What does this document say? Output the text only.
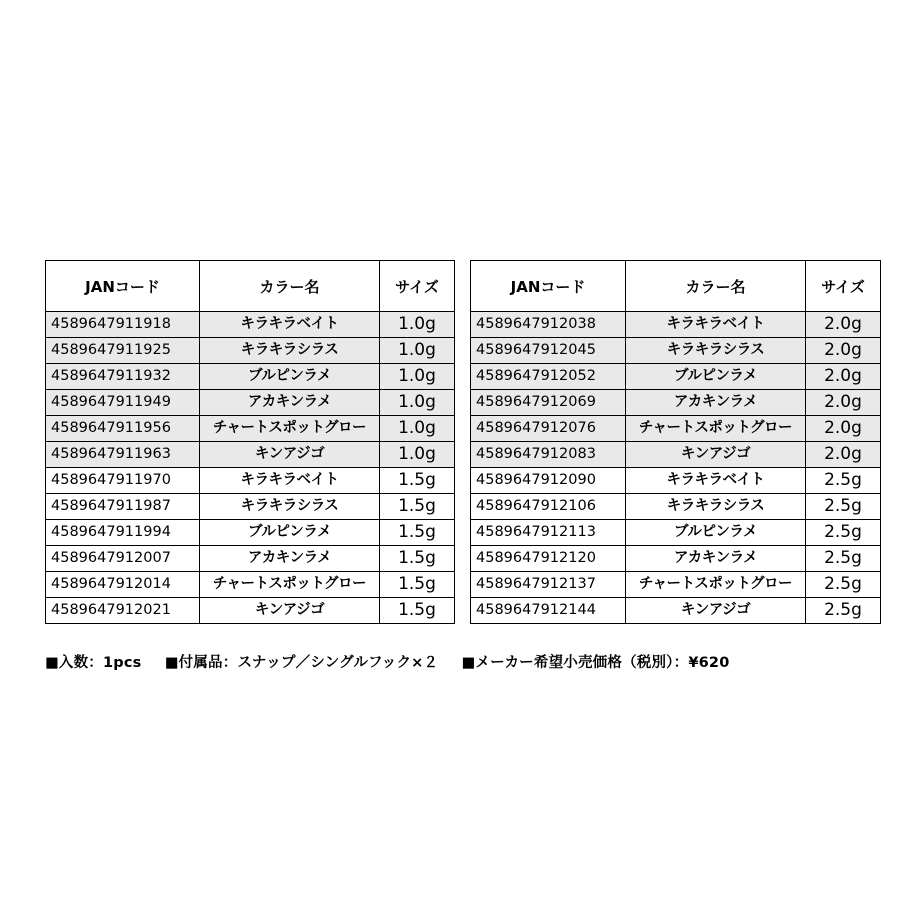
JANコード	カラー名	サイズ
4589647911918	キラキラベイト	1.0g
4589647911925	キラキラシラス	1.0g
4589647911932	ブルピンラメ	1.0g
4589647911949	アカキンラメ	1.0g
4589647911956	チャートスポットグロー	1.0g
4589647911963	キンアジゴ	1.0g
4589647911970	キラキラベイト	1.5g
4589647911987	キラキラシラス	1.5g
4589647911994	ブルピンラメ	1.5g
4589647912007	アカキンラメ	1.5g
4589647912014	チャートスポットグロー	1.5g
4589647912021	キンアジゴ	1.5g
JANコード	カラー名	サイズ
4589647912038	キラキラベイト	2.0g
4589647912045	キラキラシラス	2.0g
4589647912052	ブルピンラメ	2.0g
4589647912069	アカキンラメ	2.0g
4589647912076	チャートスポットグロー	2.0g
4589647912083	キンアジゴ	2.0g
4589647912090	キラキラベイト	2.5g
4589647912106	キラキラシラス	2.5g
4589647912113	ブルピンラメ	2.5g
4589647912120	アカキンラメ	2.5g
4589647912137	チャートスポットグロー	2.5g
4589647912144	キンアジゴ	2.5g
■入数：1pcs ■付属品：スナップ／シングルフック×２ ■メーカー希望小売価格（税別）：¥620
